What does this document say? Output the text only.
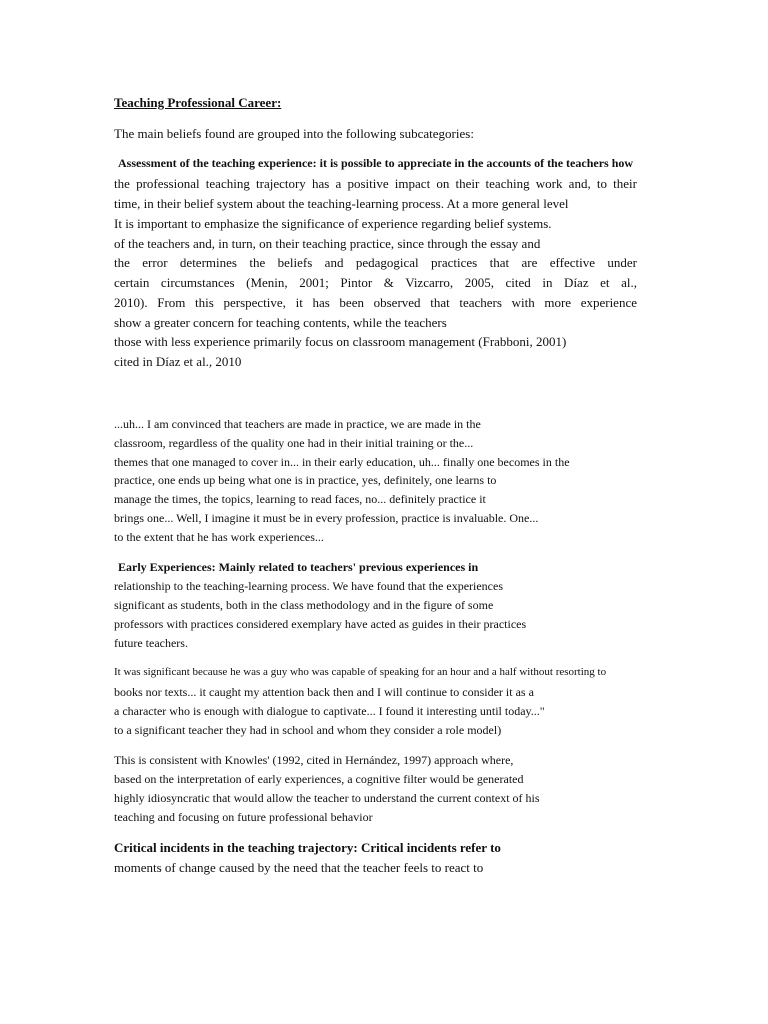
Teaching Professional Career:

The main beliefs found are grouped into the following subcategories:

Assessment of the teaching experience: it is possible to appreciate in the accounts of the teachers how

the professional teaching trajectory has a positive impact on their teaching work and, to their

time, in their belief system about the teaching-learning process. At a more general level

It is important to emphasize the significance of experience regarding belief systems.

of the teachers and, in turn, on their teaching practice, since through the essay and

the error determines the beliefs and pedagogical practices that are effective under

certain circumstances (Menin, 2001; Pintor & Vizcarro, 2005, cited in Díaz et al.,

2010). From this perspective, it has been observed that teachers with more experience

show a greater concern for teaching contents, while the teachers

those with less experience primarily focus on classroom management (Frabboni, 2001)

cited in Díaz et al., 2010

...uh... I am convinced that teachers are made in practice, we are made in the

classroom, regardless of the quality one had in their initial training or the...

themes that one managed to cover in... in their early education, uh... finally one becomes in the

practice, one ends up being what one is in practice, yes, definitely, one learns to

manage the times, the topics, learning to read faces, no... definitely practice it

brings one... Well, I imagine it must be in every profession, practice is invaluable. One...

to the extent that he has work experiences...

Early Experiences: Mainly related to teachers' previous experiences in

relationship to the teaching-learning process. We have found that the experiences

significant as students, both in the class methodology and in the figure of some

professors with practices considered exemplary have acted as guides in their practices

future teachers.

It was significant because he was a guy who was capable of speaking for an hour and a half without resorting to

books nor texts... it caught my attention back then and I will continue to consider it as a

a character who is enough with dialogue to captivate... I found it interesting until today..."

to a significant teacher they had in school and whom they consider a role model)

This is consistent with Knowles' (1992, cited in Hernández, 1997) approach where,

based on the interpretation of early experiences, a cognitive filter would be generated

highly idiosyncratic that would allow the teacher to understand the current context of his

teaching and focusing on future professional behavior

Critical incidents in the teaching trajectory: Critical incidents refer to

moments of change caused by the need that the teacher feels to react to
